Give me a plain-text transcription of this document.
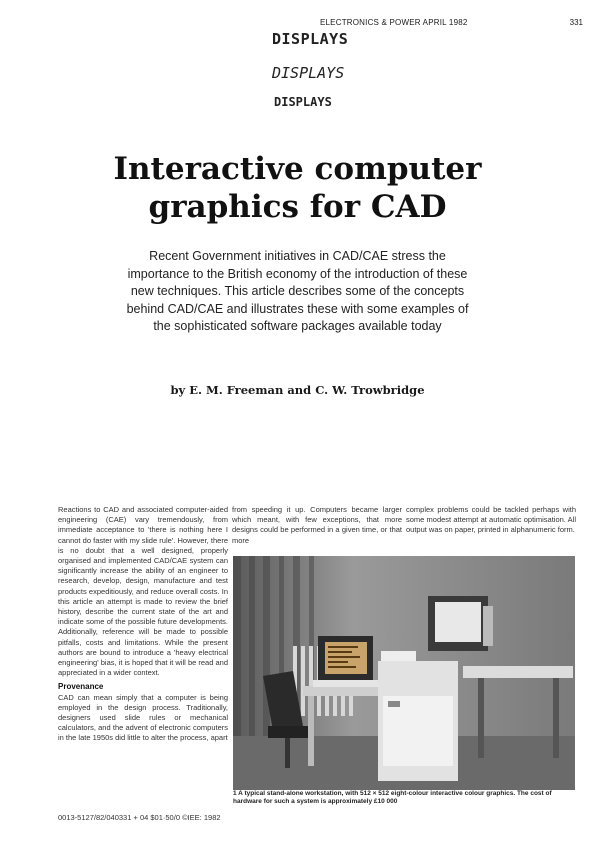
ELECTRONICS & POWER APRIL 1982	331
DISPLAYS
DISPLAYS
DISPLAYS
Interactive computer
graphics for CAD
Recent Government initiatives in CAD/CAE stress the importance to the British economy of the introduction of these new techniques. This article describes some of the concepts behind CAD/CAE and illustrates these with some examples of the sophisticated software packages available today
by E. M. Freeman and C. W. Trowbridge
Reactions to CAD and associated computer-aided engineering (CAE) vary tremendously, from immediate acceptance to 'there is nothing here I cannot do faster with my slide rule'. However, there is no doubt that a well designed, properly organised and implemented CAD/CAE system can significantly increase the ability of an engineer to research, develop, design, manufacture and test products expeditiously, and reduce overall costs. In this article an attempt is made to review the brief history, describe the current state of the art and indicate some of the possible future developments. Additionally, reference will be made to possible pitfalls, costs and limitations. While the present authors are bound to introduce a 'heavy electrical engineering' bias, it is hoped that it will be read and appreciated in a wider context.
Provenance
CAD can mean simply that a computer is being employed in the design process. Traditionally, designers used slide rules or mechanical calculators, and the advent of electronic computers in the late 1950s did little to alter the process, apart
from speeding it up. Computers became larger which meant, with few exceptions, that more designs could be performed in a given time, or that more
complex problems could be tackled perhaps with some modest attempt at automatic optimisation. All output was on paper, printed in alphanumeric form.
1 A typical stand-alone workstation, with 512 × 512 eight-colour interactive colour graphics. The cost of hardware for such a system is approximately £10 000
0013-5127/82/040331 + 04 $01·50/0 ©IEE: 1982
